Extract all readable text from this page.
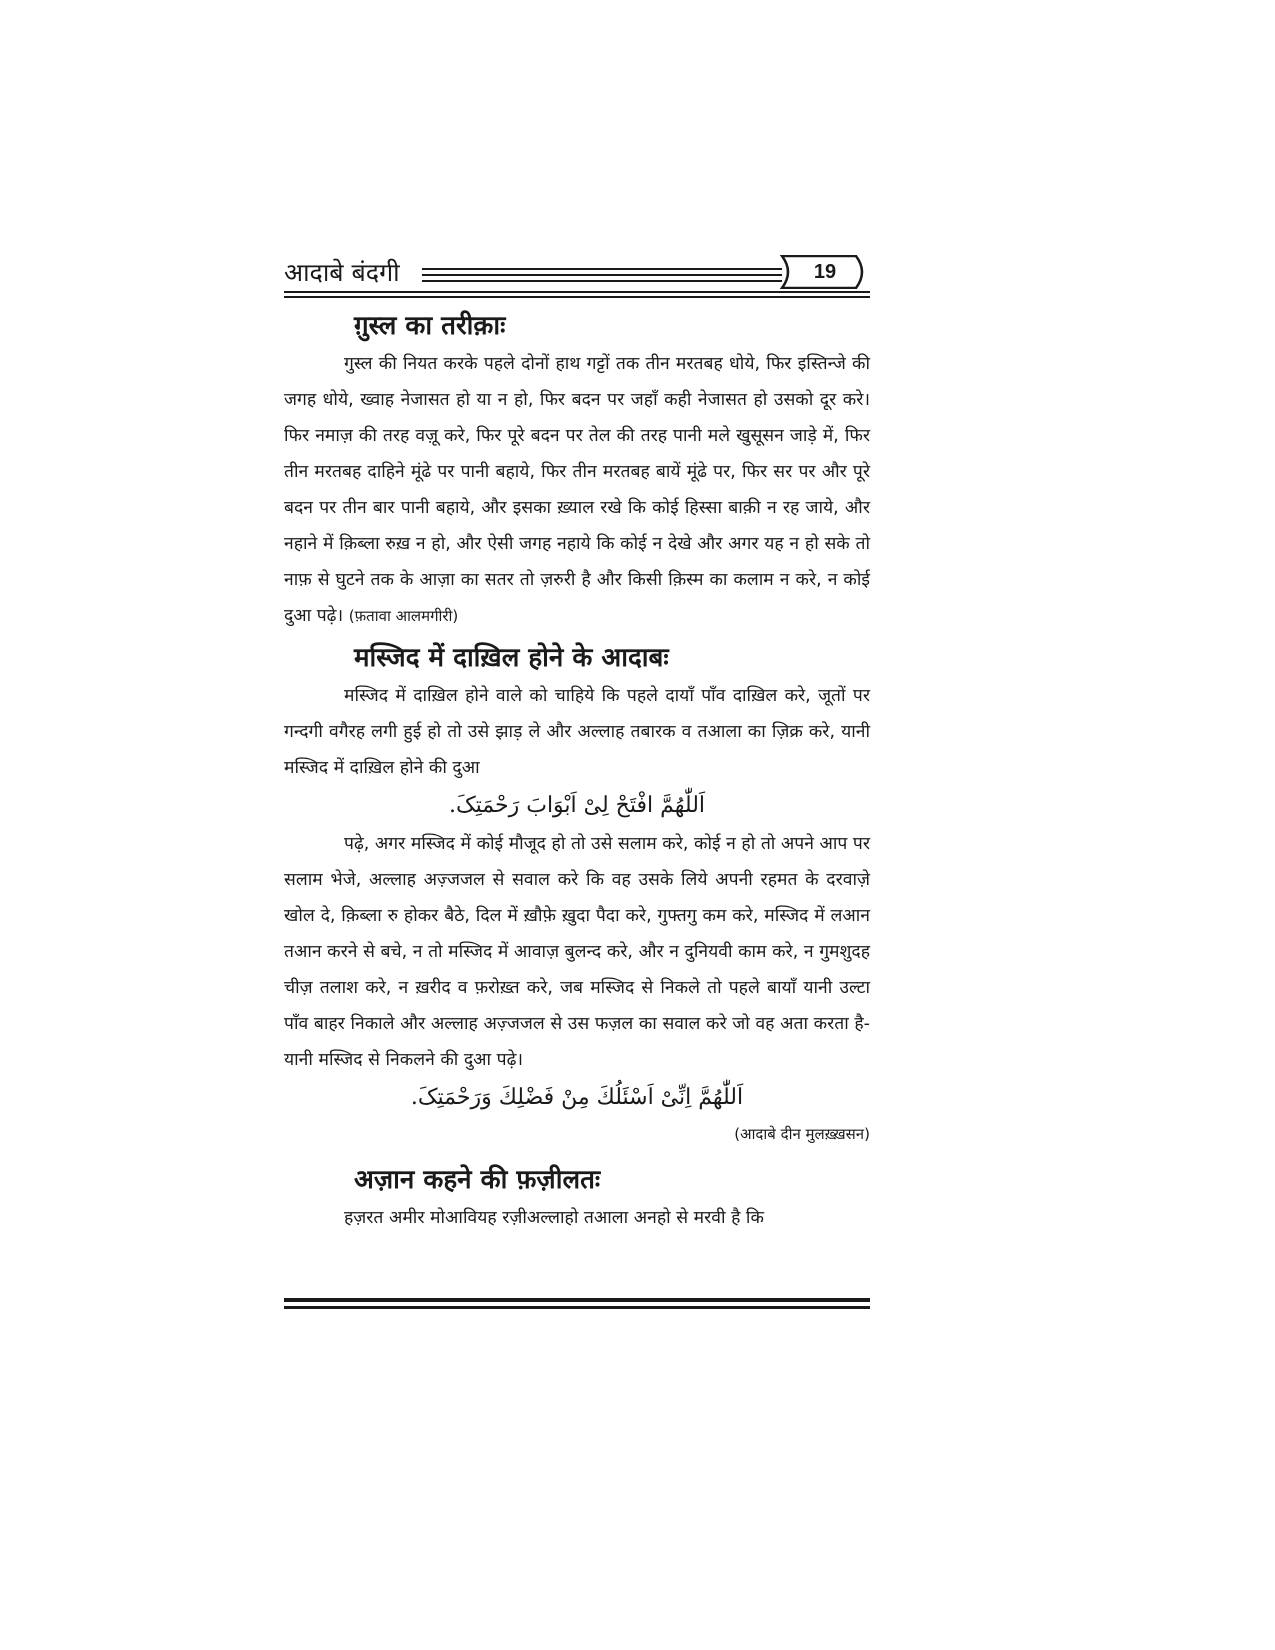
आदाबे बंदगी	19
ग़ुस्ल का तरीक़ाः

गुस्ल की नियत करके पहले दोनों हाथ गट्टों तक तीन मरतबह धोये, फिर इस्तिन्जे की जगह धोये, ख्वाह नेजासत हो या न हो, फिर बदन पर जहाँ कही नेजासत हो उसको दूर करे। फिर नमाज़ की तरह वज़ू करे, फिर पूरे बदन पर तेल की तरह पानी मले खुसूसन जाड़े में, फिर तीन मरतबह दाहिने मूंढे पर पानी बहाये, फिर तीन मरतबह बायें मूंढे पर, फिर सर पर और पूरे बदन पर तीन बार पानी बहाये, और इसका ख़्याल रखे कि कोई हिस्सा बाक़ी न रह जाये, और नहाने में क़िब्ला रुख़ न हो, और ऐसी जगह नहाये कि कोई न देखे और अगर यह न हो सके तो नाफ़ से घुटने तक के आज़ा का सतर तो ज़रुरी है और किसी क़िस्म का कलाम न करे, न कोई दुआ पढ़े। (फ़तावा आलमगीरी)

मस्जिद में दाख़िल होने के आदाबः

मस्जिद में दाख़िल होने वाले को चाहिये कि पहले दायाँ पाँव दाख़िल करे, जूतों पर गन्दगी वगैरह लगी हुई हो तो उसे झाड़ ले और अल्लाह तबारक व तआला का ज़िक्र करे, यानी मस्जिद में दाख़िल होने की दुआ

اَللّٰھُمَّ افْتَحْ لِیْ اَبْوَابَ رَحْمَتِکَ.

पढ़े, अगर मस्जिद में कोई मौजूद हो तो उसे सलाम करे, कोई न हो तो अपने आप पर सलाम भेजे, अल्लाह अज़्जजल से सवाल करे कि वह उसके लिये अपनी रहमत के दरवाज़े खोल दे, क़िब्ला रु होकर बैठे, दिल में ख़ौफ़े ख़ुदा पैदा करे, गुफ्तगु कम करे, मस्जिद में लआन तआन करने से बचे, न तो मस्जिद में आवाज़ बुलन्द करे, और न दुनियवी काम करे, न गुमशुदह चीज़ तलाश करे, न ख़रीद व फ़रोख़्त करे, जब मस्जिद से निकले तो पहले बायाँ यानी उल्टा पाँव बाहर निकाले और अल्लाह अज़्जजल से उस फज़ल का सवाल करे जो वह अता करता है- यानी मस्जिद से निकलने की दुआ पढ़े।

اَللّٰھُمَّ اِنِّیْ اَسْئَلُكَ مِنْ فَضْلِكَ وَرَحْمَتِکَ.

(आदाबे दीन मुलख़्ख़सन)

अज़ान कहने की फ़ज़ीलतः

हज़रत अमीर मोआवियह रज़ीअल्लाहो तआला अनहो से मरवी है कि
